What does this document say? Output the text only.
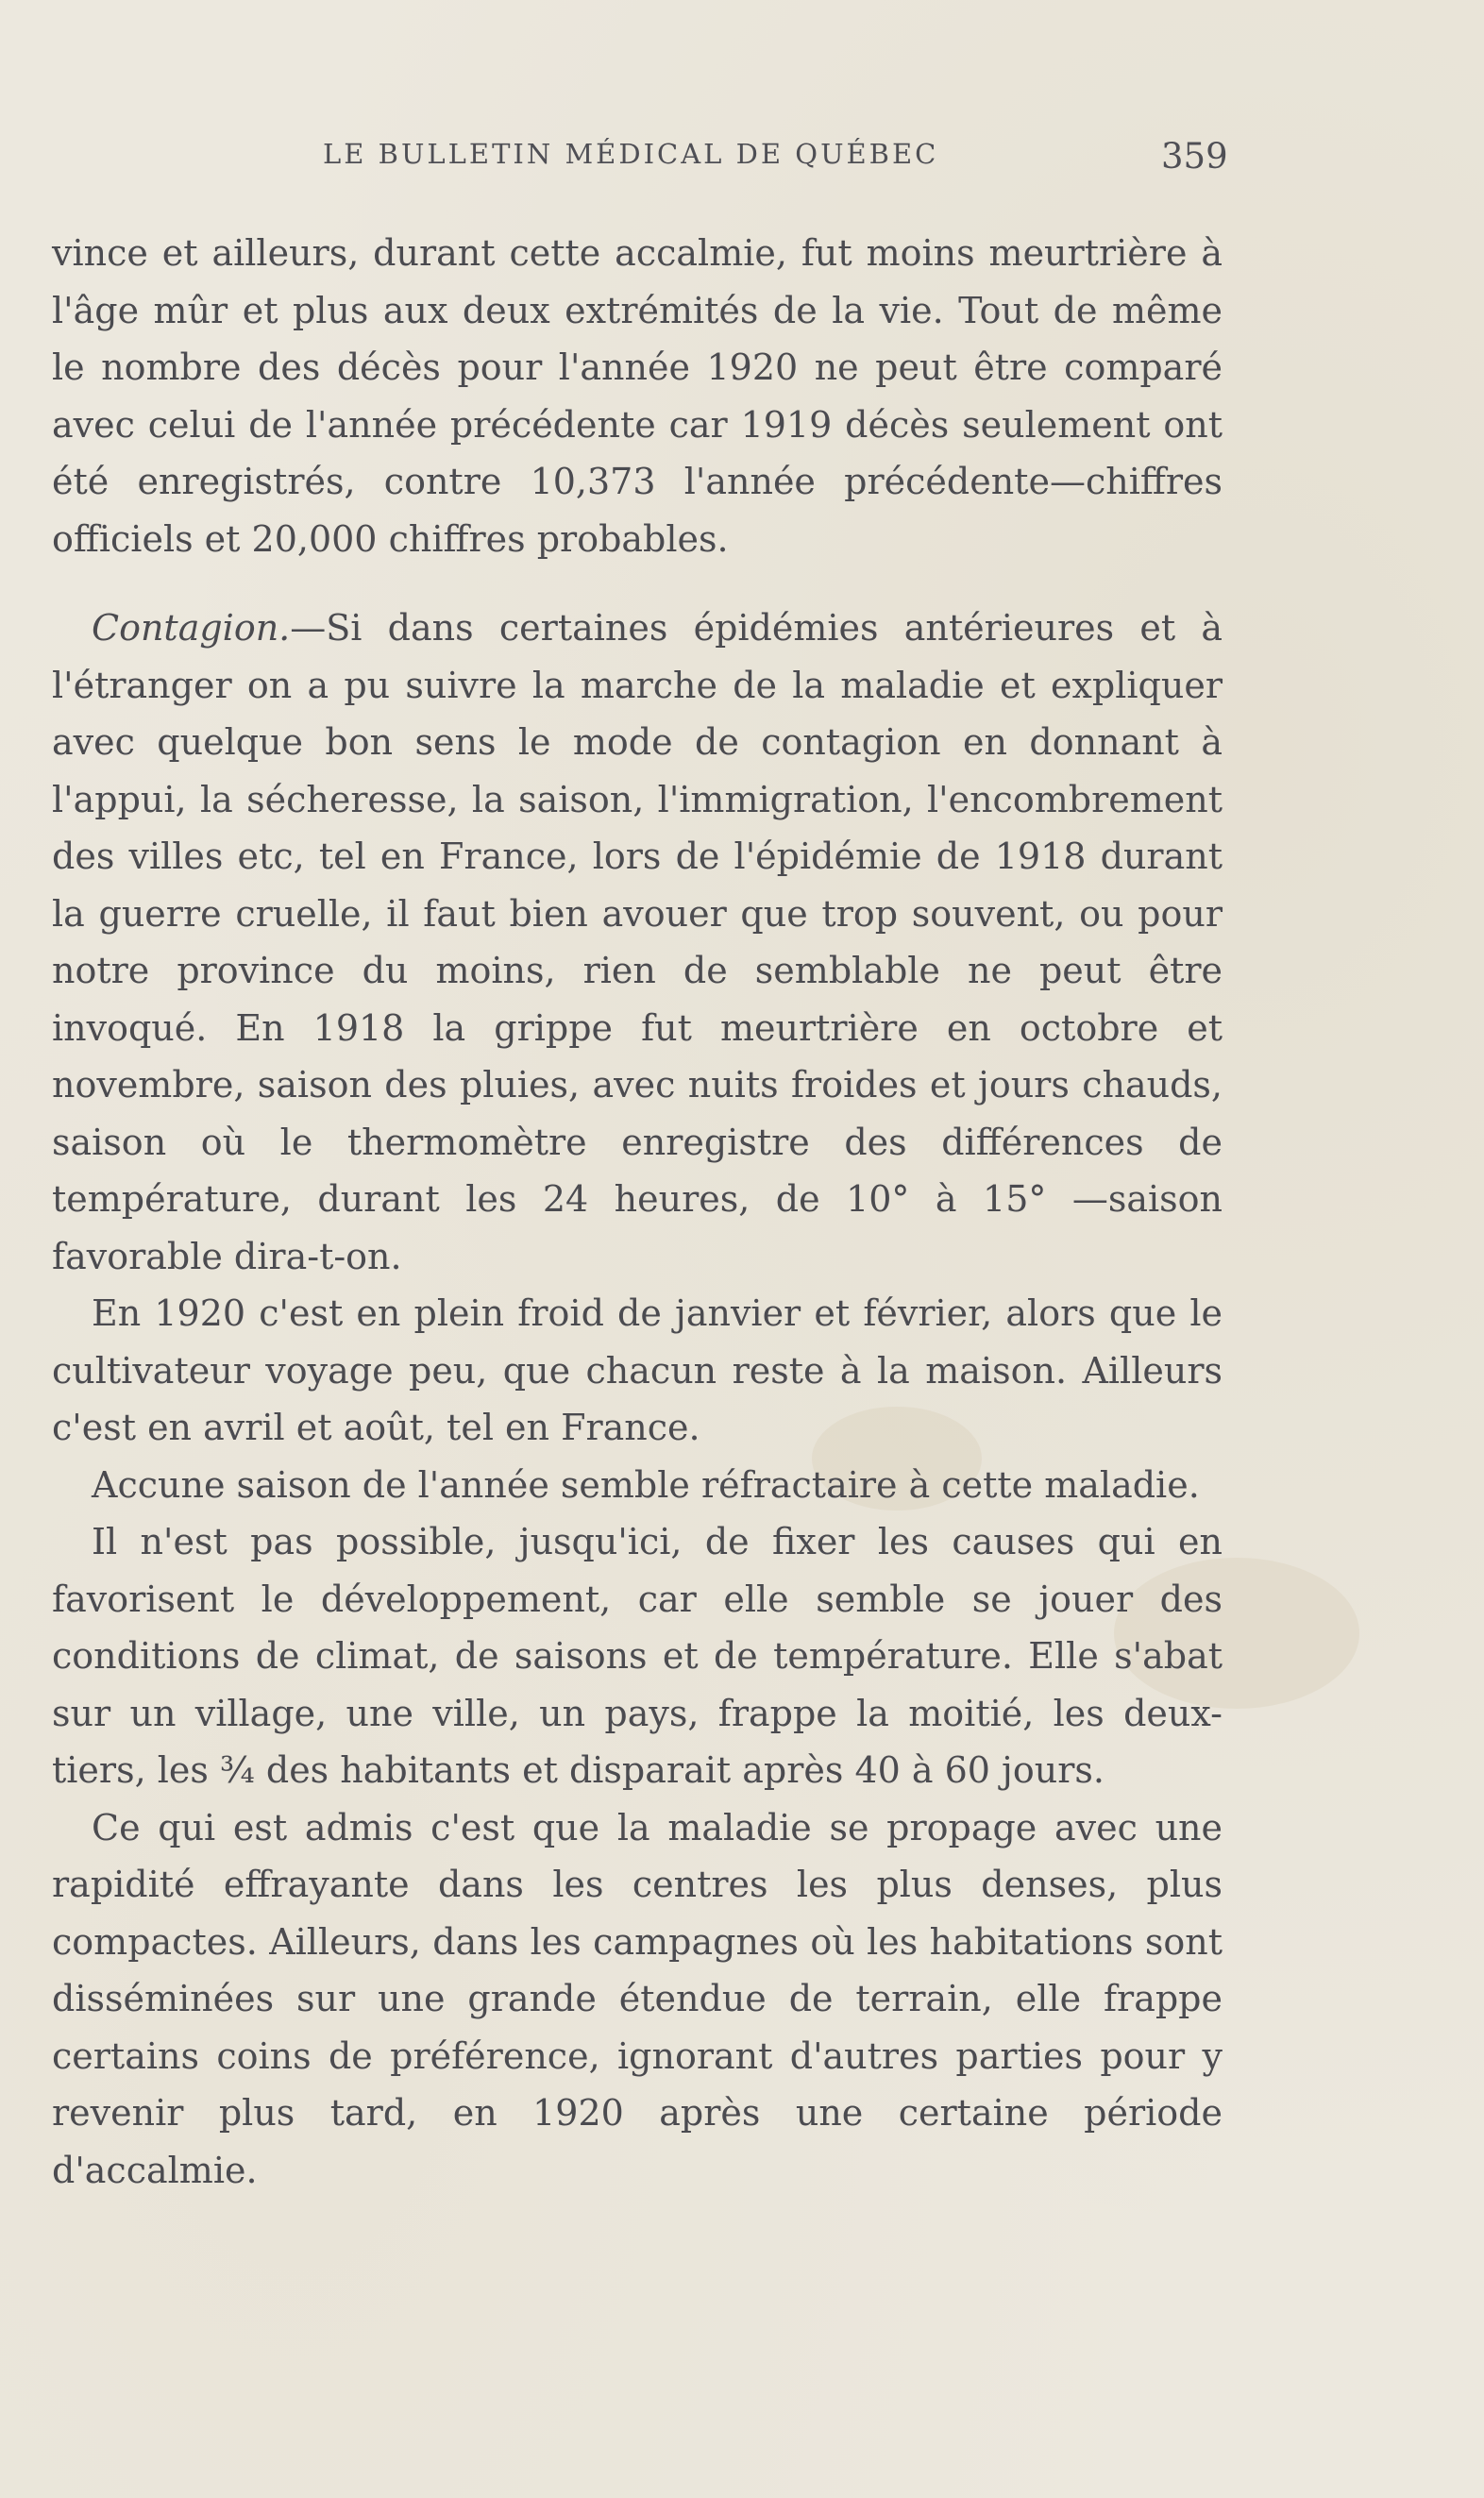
LE BULLETIN MÉDICAL DE QUÉBEC	359

vince et ailleurs, durant cette accalmie, fut moins meurtrière à l'âge mûr et plus aux deux extrémités de la vie. Tout de même le nombre des décès pour l'année 1920 ne peut être comparé avec celui de l'année précédente car 1919 décès seulement ont été enregistrés, contre 10,373 l'année précédente—chiffres officiels et 20,000 chiffres probables.

Contagion.—Si dans certaines épidémies antérieures et à l'étranger on a pu suivre la marche de la maladie et expliquer avec quelque bon sens le mode de contagion en donnant à l'appui, la sécheresse, la saison, l'immigration, l'encombrement des villes etc, tel en France, lors de l'épidémie de 1918 durant la guerre cruelle, il faut bien avouer que trop souvent, ou pour notre province du moins, rien de semblable ne peut être invoqué. En 1918 la grippe fut meurtrière en octobre et novembre, saison des pluies, avec nuits froides et jours chauds, saison où le thermomètre enregistre des différences de température, durant les 24 heures, de 10° à 15° —saison favorable dira-t-on.

En 1920 c'est en plein froid de janvier et février, alors que le cultivateur voyage peu, que chacun reste à la maison. Ailleurs c'est en avril et août, tel en France.

Accune saison de l'année semble réfractaire à cette maladie.

Il n'est pas possible, jusqu'ici, de fixer les causes qui en favorisent le développement, car elle semble se jouer des conditions de climat, de saisons et de température. Elle s'abat sur un village, une ville, un pays, frappe la moitié, les deux-tiers, les ¾ des habitants et disparait après 40 à 60 jours.

Ce qui est admis c'est que la maladie se propage avec une rapidité effrayante dans les centres les plus denses, plus compactes. Ailleurs, dans les campagnes où les habitations sont disséminées sur une grande étendue de terrain, elle frappe certains coins de préférence, ignorant d'autres parties pour y revenir plus tard, en 1920 après une certaine période d'accalmie.
